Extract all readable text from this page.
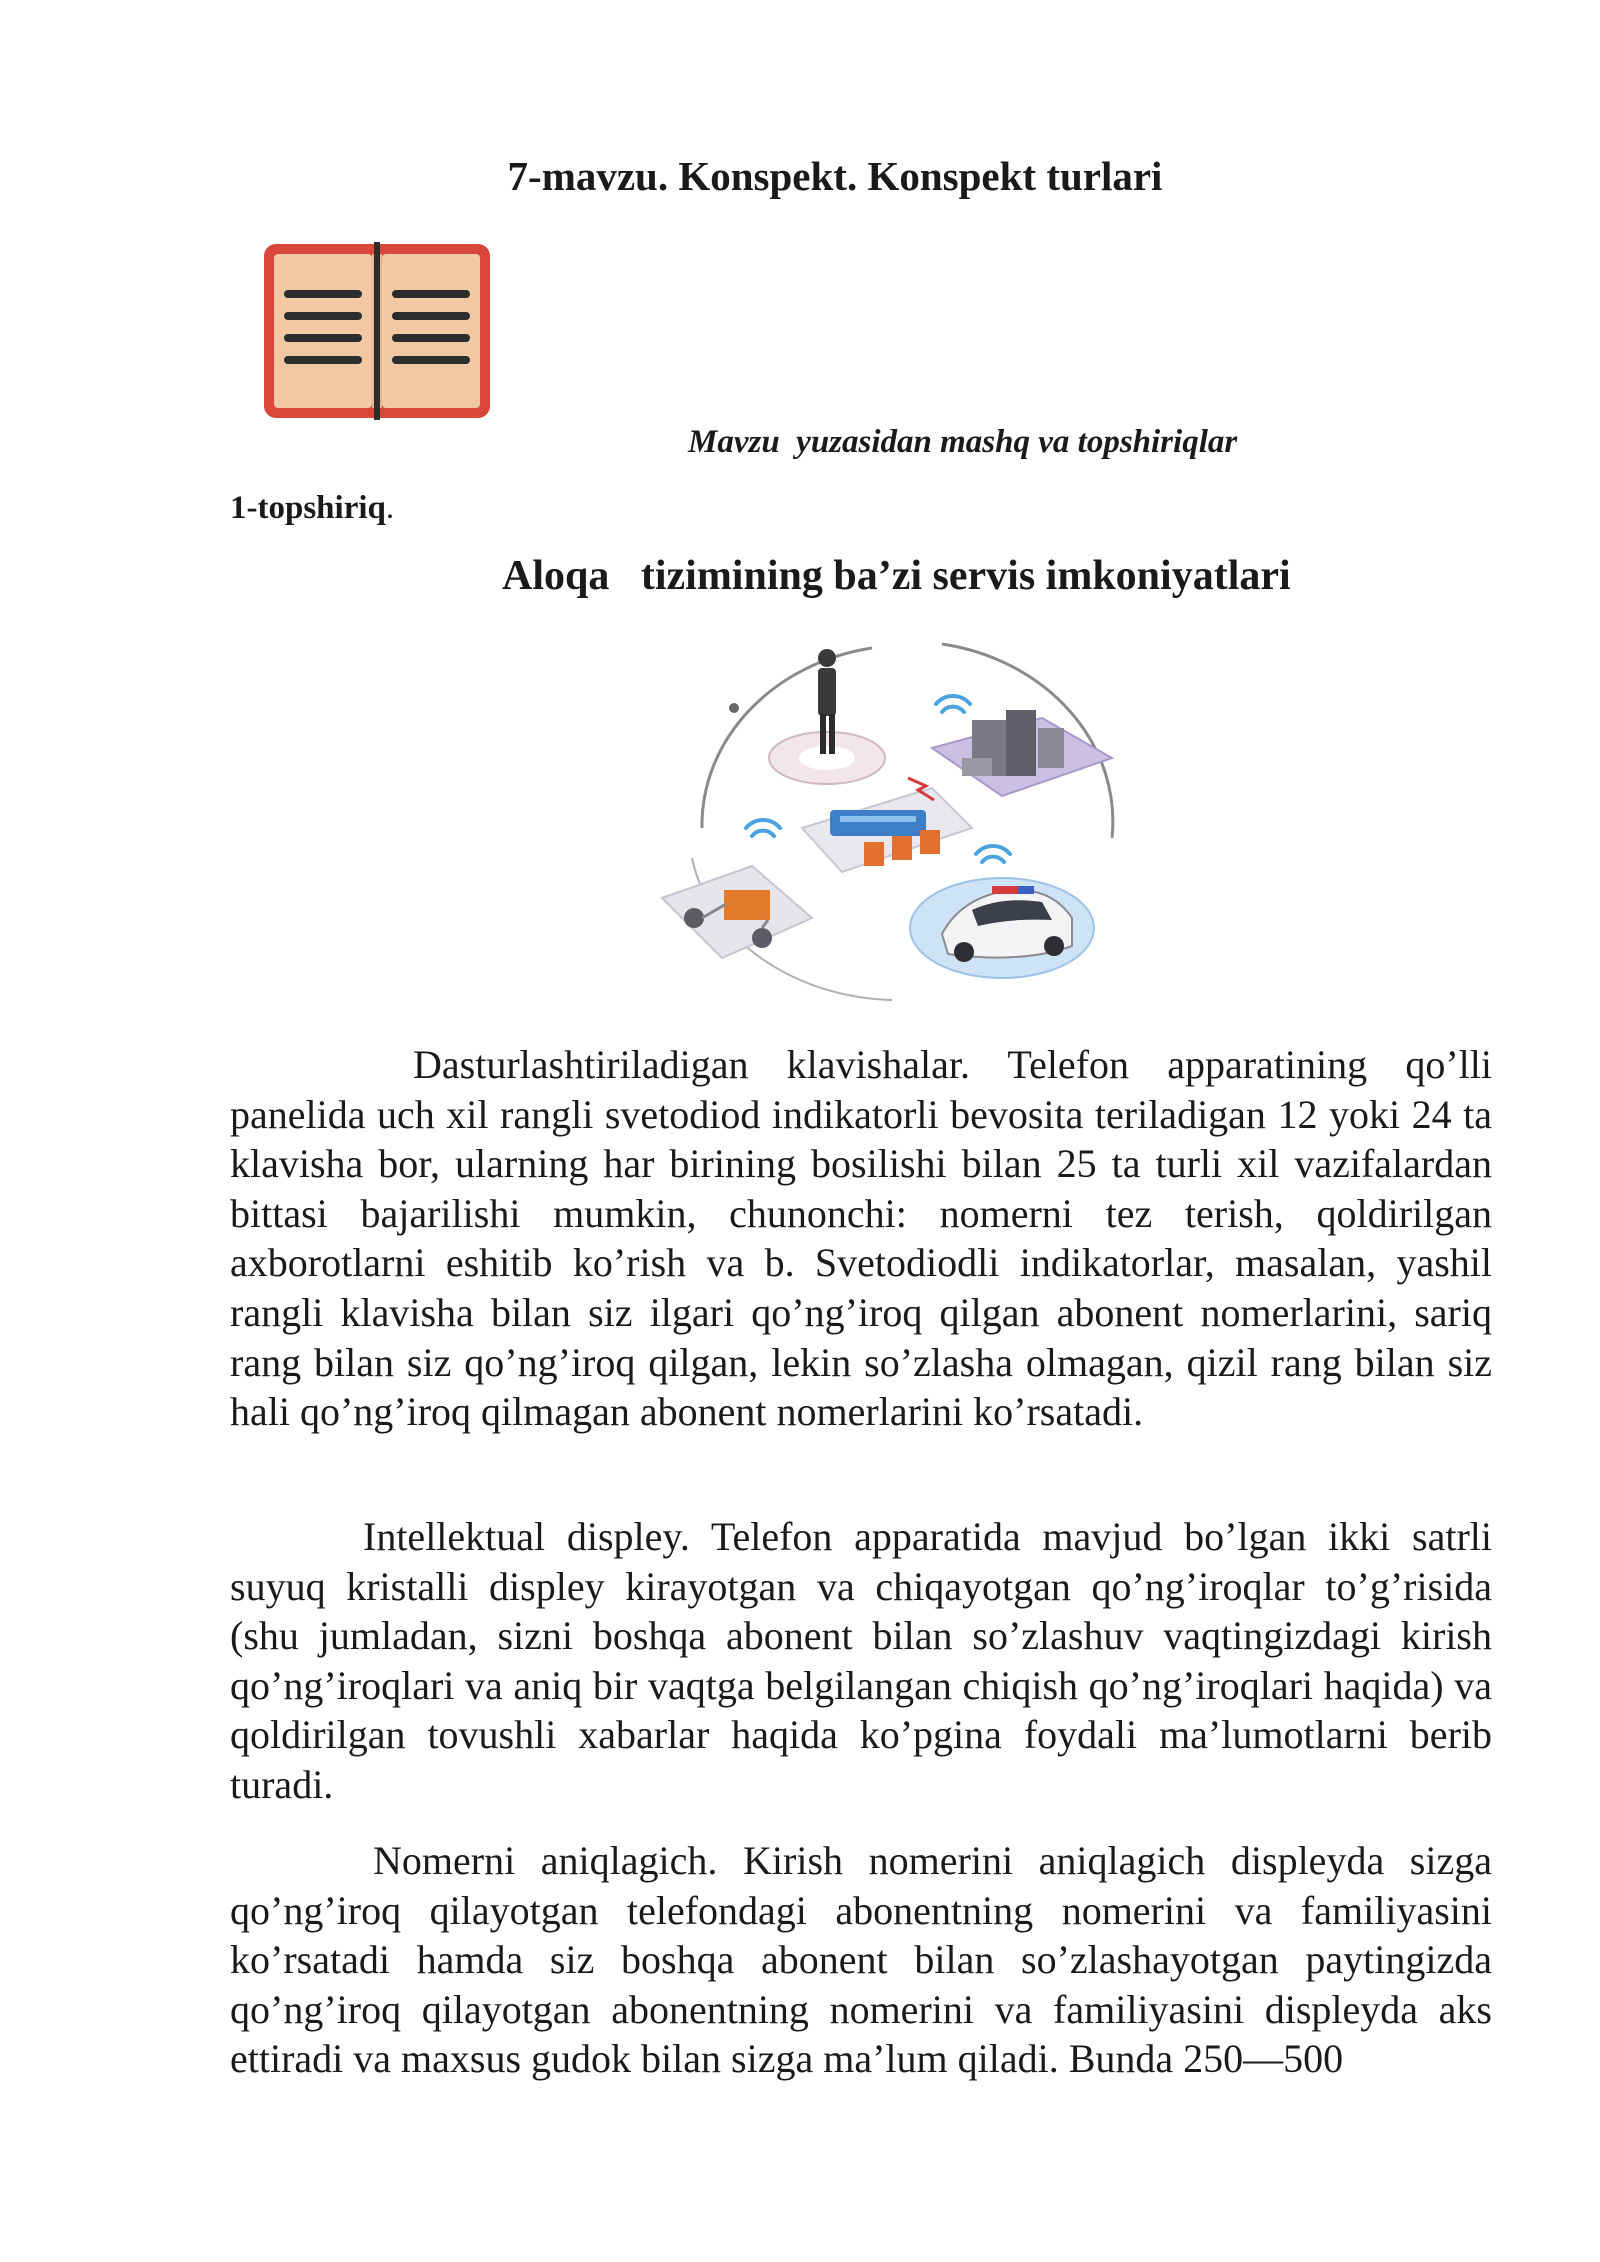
7-mavzu. Konspekt. Konspekt turlari

Mavzu  yuzasidan mashq va topshiriqlar

1-topshiriq.

Aloqa   tizimining ba’zi servis imkoniyatlari

Dasturlashtiriladigan klavishalar. Telefon apparatining qo’lli panelida uch xil rangli svetodiod indikatorli bevosita teriladigan 12 yoki 24 ta klavisha bor, ularning har birining bosilishi bilan 25 ta turli xil vazifalardan bittasi bajarilishi mumkin, chunonchi: nomerni tez terish, qoldirilgan axborotlarni eshitib ko’rish va b. Svetodiodli indikatorlar, masalan, yashil rangli klavisha bilan siz ilgari qo’ng’iroq qilgan abonent nomerlarini, sariq rang bilan siz qo’ng’iroq qilgan, lekin so’zlasha olmagan, qizil rang bilan siz hali qo’ng’iroq qilmagan abonent nomerlarini ko’rsatadi.

Intellektual displey. Telefon apparatida mavjud bo’lgan ikki satrli suyuq kristalli displey kirayotgan va chiqayotgan qo’ng’iroqlar to’g’risida (shu jumladan, sizni boshqa abonent bilan so’zlashuv vaqtingizdagi kirish qo’ng’iroqlari va aniq bir vaqtga belgilangan chiqish qo’ng’iroqlari haqida) va qoldirilgan tovushli xabarlar haqida ko’pgina foydali ma’lumotlarni berib turadi.

Nomerni aniqlagich. Kirish nomerini aniqlagich displeyda sizga qo’ng’iroq qilayotgan telefondagi abonentning nomerini va familiyasini ko’rsatadi hamda siz boshqa abonent bilan so’zlashayotgan paytingizda qo’ng’iroq qilayotgan abonentning nomerini va familiyasini displeyda aks ettiradi va maxsus gudok bilan sizga ma’lum qiladi. Bunda 250—500
